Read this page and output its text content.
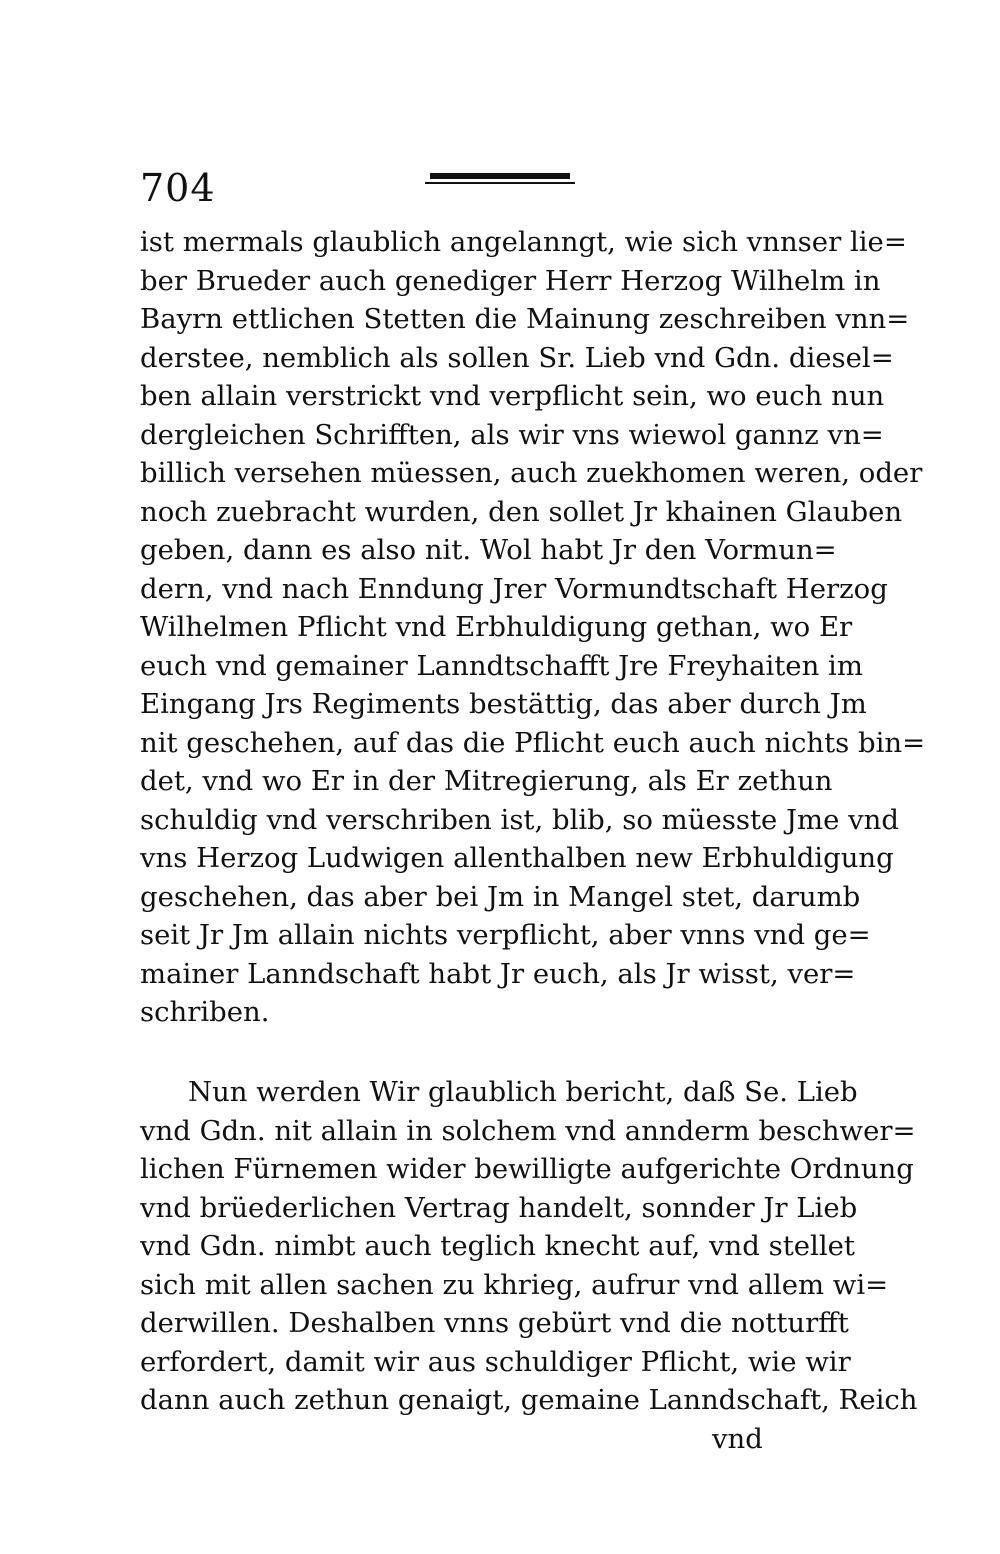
704
ist mermals glaublich angelanngt, wie sich vnnser lie=
ber Brueder auch genediger Herr Herzog Wilhelm in
Bayrn ettlichen Stetten die Mainung zeschreiben vnn=
derstee, nemblich als sollen Sr. Lieb vnd Gdn. diesel=
ben allain verstrickt vnd verpflicht sein, wo euch nun
dergleichen Schrifften, als wir vns wiewol gannz vn=
billich versehen müessen, auch zuekhomen weren, oder
noch zuebracht wurden, den sollet Jr khainen Glauben
geben, dann es also nit. Wol habt Jr den Vormun=
dern, vnd nach Enndung Jrer Vormundtschaft Herzog
Wilhelmen Pflicht vnd Erbhuldigung gethan, wo Er
euch vnd gemainer Lanndtschafft Jre Freyhaiten im
Eingang Jrs Regiments bestättig, das aber durch Jm
nit geschehen, auf das die Pflicht euch auch nichts bin=
det, vnd wo Er in der Mitregierung, als Er zethun
schuldig vnd verschriben ist, blib, so müesste Jme vnd
vns Herzog Ludwigen allenthalben new Erbhuldigung
geschehen, das aber bei Jm in Mangel stet, darumb
seit Jr Jm allain nichts verpflicht, aber vnns vnd ge=
mainer Lanndschaft habt Jr euch, als Jr wisst, ver=
schriben.
Nun werden Wir glaublich bericht, daß Se. Lieb
vnd Gdn. nit allain in solchem vnd annderm beschwer=
lichen Fürnemen wider bewilligte aufgerichte Ordnung
vnd brüederlichen Vertrag handelt, sonnder Jr Lieb
vnd Gdn. nimbt auch teglich knecht auf, vnd stellet
sich mit allen sachen zu khrieg, aufrur vnd allem wi=
derwillen. Deshalben vnns gebürt vnd die notturfft
erfordert, damit wir aus schuldiger Pflicht, wie wir
dann auch zethun genaigt, gemaine Lanndschaft, Reich
vnd
